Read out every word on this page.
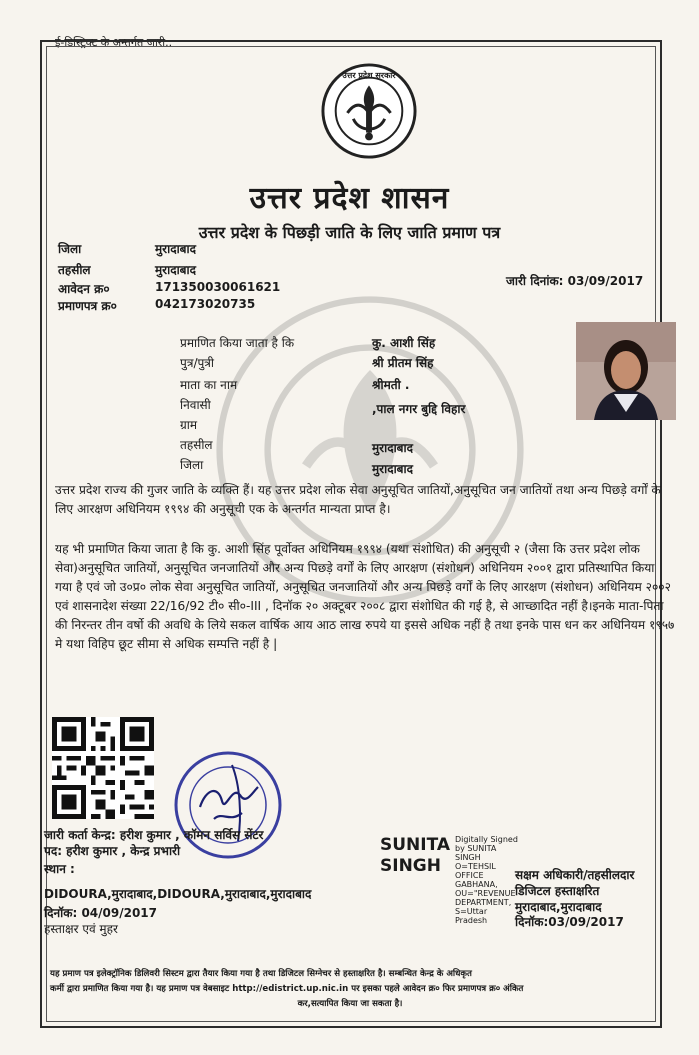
ई-डिस्ट्रिक्ट के अन्तर्गत जारी..
उत्तर प्रदेश सरकार
उत्तर प्रदेश शासन
उत्तर प्रदेश के पिछड़ी जाति के लिए जाति प्रमाण पत्र
जिला	मुरादाबाद
तहसील	मुरादाबाद
आवेदन क्र०	171350030061621
प्रमाणपत्र क्र०	042173020735
जारी दिनांक: 03/09/2017
प्रमाणित किया जाता है कि	कु. आशी सिंह
पुत्र/पुत्री	श्री प्रीतम सिंह
माता का नाम	श्रीमती .
निवासी	,पाल नगर बुद्दि विहार
ग्राम
तहसील	मुरादाबाद
जिला	मुरादाबाद
उत्तर प्रदेश राज्य की गुजर जाति के व्यक्ति हैं। यह उत्तर प्रदेश लोक सेवा अनुसूचित जातियों,अनुसूचित जन जातियों तथा अन्य पिछड़े वर्गों के लिए आरक्षण अधिनियम १९९४ की अनुसूची एक के अन्तर्गत मान्यता प्राप्त है।
यह भी प्रमाणित किया जाता है कि कु. आशी सिंह पूर्वोक्त अधिनियम १९९४ (यथा संशोधित) की अनुसूची २ (जैसा कि उत्तर प्रदेश लोक सेवा)अनुसूचित जातियों, अनुसूचित जनजातियों और अन्य पिछड़े वर्गों के लिए आरक्षण (संशोधन) अधिनियम २००१ द्वारा प्रतिस्थापित किया गया है एवं जो उ०प्र० लोक सेवा अनुसूचित जातियों, अनुसूचित जनजातियों और अन्य पिछड़े वर्गों के लिए आरक्षण (संशोधन) अधिनियम २००२ एवं शासनादेश संख्या 22/16/92 टी० सी०-III , दिनॉक २० अक्टूबर २००८ द्वारा संशोधित की गई है, से आच्छादित नहीं है।इनके माता-पिता की निरन्तर तीन वर्षो की अवधि के लिये सकल वार्षिक आय आठ लाख रुपये या इससे अधिक नहीं है तथा इनके पास धन कर अधिनियम १९५७ मे यथा विहिप छूट सीमा से अधिक सम्पत्ति नहीं है |
जारी कर्ता केन्द्र: हरीश कुमार , कॉमन सर्विस सेंटर
पद: हरीश कुमार , केन्द्र प्रभारी
स्थान :
DIDOURA,मुरादाबाद,DIDOURA,मुरादाबाद,मुरादाबाद
दिनॉक: 04/09/2017
हस्ताक्षर एवं मुहर
SUNITA
SINGH
Digitally Signed
by SUNITA
SINGH
O=TEHSIL
OFFICE
GABHANA,
OU="REVENUE
DEPARTMENT,
S=Uttar
Pradesh
सक्षम अधिकारी/तहसीलदार
डिजिटल हस्ताक्षरित
मुरादाबाद,मुरादाबाद
दिनॉक:03/09/2017
यह प्रमाण पत्र इलेक्ट्रॉनिक डिलिवरी सिस्टम द्वारा तैयार किया गया है तथा डिजिटल सिग्नेचर से हस्ताक्षरित है। सम्बन्धित केन्द्र के अधिकृत
कर्मी द्वारा प्रमाणित किया गया है। यह प्रमाण पत्र वेबसाइट http://edistrict.up.nic.in पर इसका पहले आवेदन क्र० फिर प्रमाणपत्र क्र० अंकित
कर,सत्यापित किया जा सकता है।
